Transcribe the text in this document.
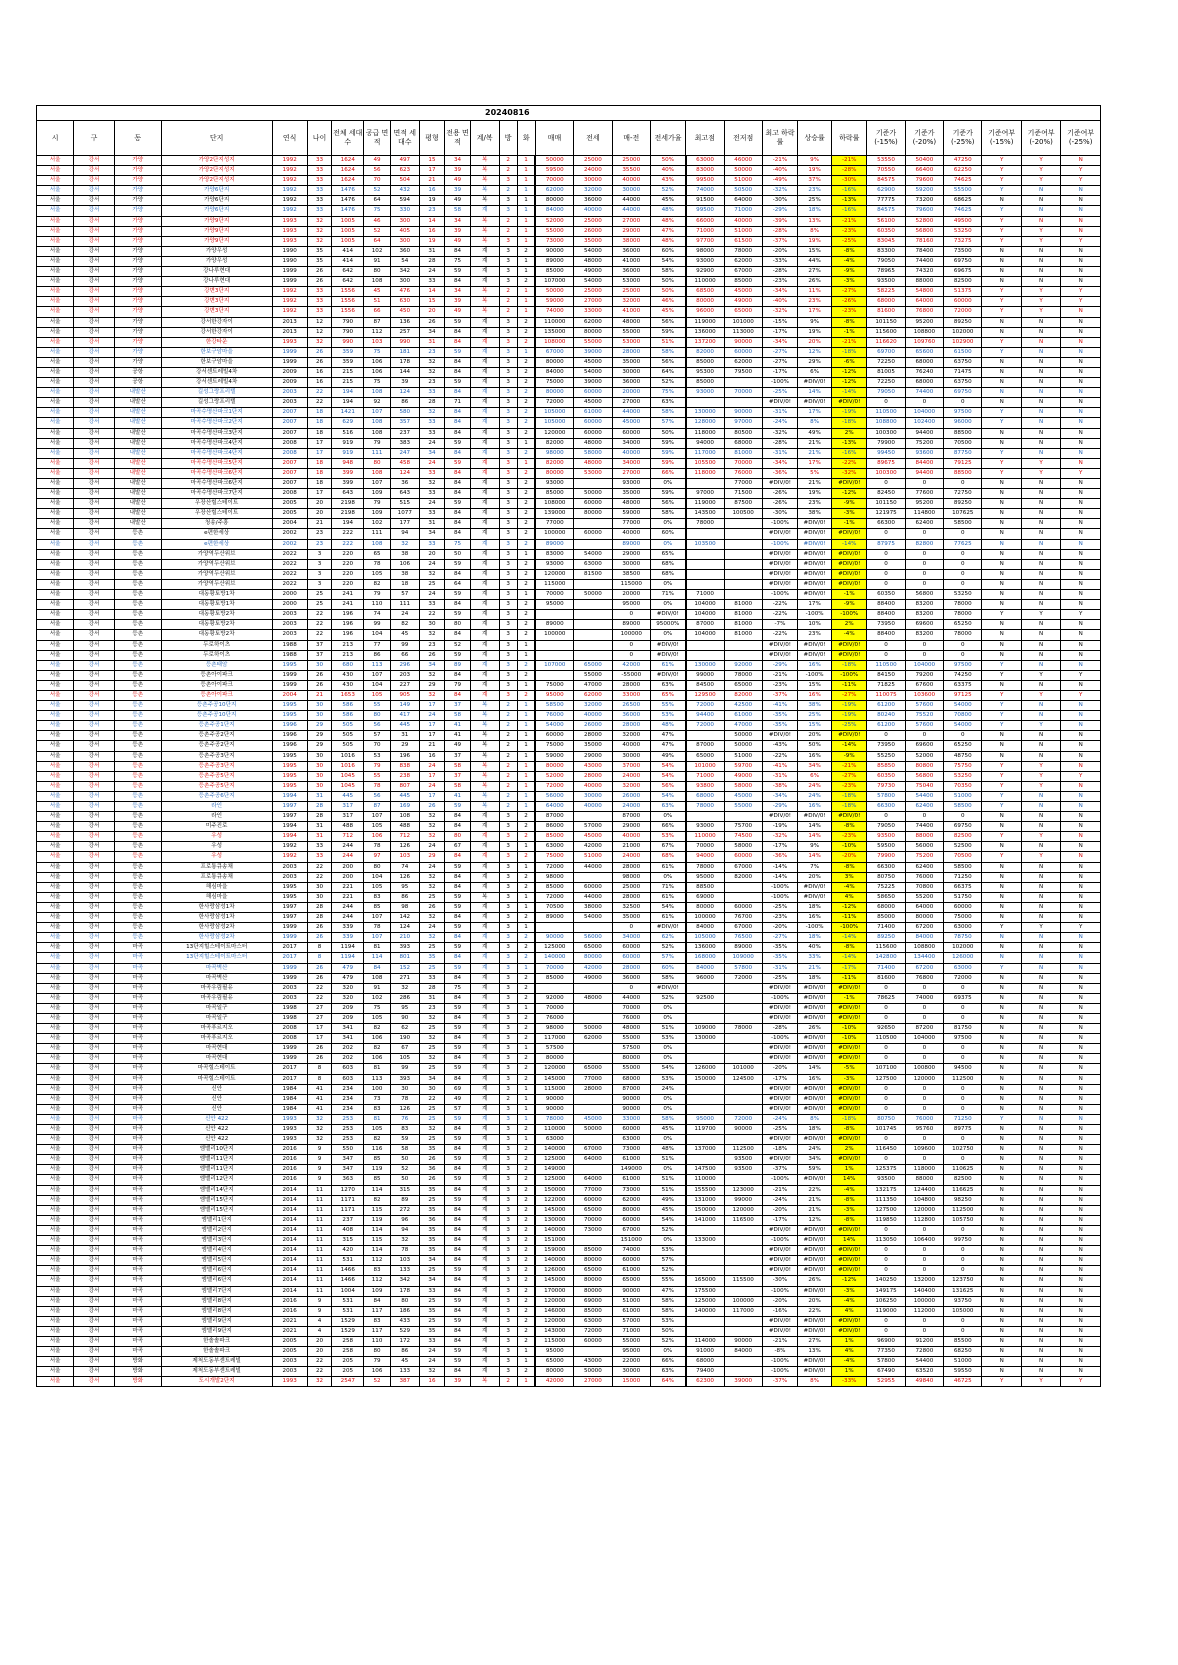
20240816
시	구	동	단지	연식	나이	전체 세대수	공급 면적	면적 세대수	평형	전용 면적	계/복	방	화	매매	전세	매-전	전세가율	최고점	전저점	최고 하락률	상승률	하락률	기준가(-15%)	기준가(-20%)	기준가(-25%)	기준여부(-15%)	기준여부(-20%)	기준여부(-25%)
서울	강서	가양	가양2단지성지	1992	33	1624	49	497	15	34	복	2	1	50000	25000	25000	50%	63000	46000	-21%	9%	-21%	53550	50400	47250	Y	Y	N
서울	강서	가양	가양2단지성지	1992	33	1624	56	623	17	39	복	2	1	59500	24000	35500	40%	83000	50000	-40%	19%	-28%	70550	66400	62250	Y	Y	Y
서울	강서	가양	가양2단지성지	1992	33	1624	70	504	21	49	복	3	1	70000	30000	40000	43%	99500	51000	-49%	37%	-30%	84575	79600	74625	Y	Y	Y
서울	강서	가양	가양6단지	1992	33	1476	52	432	16	39	복	2	1	62000	32000	30000	52%	74000	50500	-32%	23%	-16%	62900	59200	55500	Y	N	N
서울	강서	가양	가양6단지	1992	33	1476	64	594	19	49	복	3	1	80000	36000	44000	45%	91500	64000	-30%	25%	-13%	77775	73200	68625	N	N	N
서울	강서	가양	가양6단지	1992	33	1476	75	330	23	58	계	3	1	84000	40000	44000	48%	99500	71000	-29%	18%	-16%	84575	79600	74625	Y	N	N
서울	강서	가양	가양9단지	1993	32	1005	46	300	14	34	복	2	1	52000	25000	27000	48%	66000	40000	-39%	13%	-21%	56100	52800	49500	Y	N	N
서울	강서	가양	가양9단지	1993	32	1005	52	405	16	39	복	2	1	55000	26000	29000	47%	71000	51000	-28%	8%	-23%	60350	56800	53250	Y	Y	N
서울	강서	가양	가양9단지	1993	32	1005	64	300	19	49	복	3	1	73000	35000	38000	48%	97700	61500	-37%	19%	-25%	83045	78160	73275	Y	Y	Y
서울	강서	가양	가양우성	1990	35	414	102	360	31	84	계	3	2	90000	54000	36000	60%	98000	78000	-20%	15%	-8%	83300	78400	73500	N	N	N
서울	강서	가양	가양우성	1990	35	414	91	54	28	75	계	3	1	89000	48000	41000	54%	93000	62000	-33%	44%	-4%	79050	74400	69750	N	N	N
서울	강서	가양	강나루현대	1999	26	642	80	342	24	59	계	3	1	85000	49000	36000	58%	92900	67000	-28%	27%	-9%	78965	74320	69675	N	N	N
서울	강서	가양	강나루현대	1999	26	642	108	300	33	84	계	3	2	107000	54000	53000	50%	110000	85000	-23%	26%	-3%	93500	88000	82500	N	N	N
서울	강서	가양	강변3단지	1992	33	1556	45	476	14	34	복	2	1	50000	25000	25000	50%	68500	45000	-34%	11%	-27%	58225	54800	51375	Y	Y	Y
서울	강서	가양	강변3단지	1992	33	1556	51	630	15	39	복	2	1	59000	27000	32000	46%	80000	49000	-40%	23%	-26%	68000	64000	60000	Y	Y	Y
서울	강서	가양	강변3단지	1992	33	1556	66	450	20	49	복	2	1	74000	33000	41000	45%	96000	65000	-32%	17%	-23%	81600	76800	72000	Y	Y	N
서울	강서	가양	강서한강자이	2013	12	790	87	136	26	59	계	3	2	110000	62000	48000	56%	119000	101000	-15%	9%	-8%	101150	95200	89250	N	N	N
서울	강서	가양	강서한강자이	2013	12	790	112	257	34	84	계	3	2	135000	80000	55000	59%	136000	113000	-17%	19%	-1%	115600	108800	102000	N	N	N
서울	강서	가양	한강타운	1993	32	990	103	990	31	84	계	3	2	108000	55000	53000	51%	137200	90000	-34%	20%	-21%	116620	109760	102900	Y	N	N
서울	강서	가양	한보구암마을	1999	26	359	75	181	23	59	계	3	1	67000	39000	28000	58%	82000	60000	-27%	12%	-18%	69700	65600	61500	Y	N	N
서울	강서	가양	한보구암마을	1999	26	359	106	178	32	84	계	3	2	80000	45000	35000	56%	85000	62000	-27%	29%	-6%	72250	68000	63750	N	N	N
서울	강서	공항	강서센트레빌4차	2009	16	215	106	144	32	84	계	3	2	84000	54000	30000	64%	95300	79500	-17%	6%	-12%	81005	76240	71475	N	N	N
서울	강서	공항	강서센트레빌4차	2009	16	215	75	39	23	59	계	3	2	75000	39000	36000	52%	85000		-100%	#DIV/0!	-12%	72250	68000	63750	N	N	N
서울	강서	내발산	길성그랑프리텔	2003	22	194	108	124	33	84	계	3	2	80000	60000	20000	75%	93000	70000	-25%	14%	-14%	79050	74400	69750	N	N	N
서울	강서	내발산	길성그랑프리텔	2003	22	194	92	86	28	71	계	3	2	72000	45000	27000	63%			#DIV/0!	#DIV/0!	#DIV/0!	0	0	0	N	N	N
서울	강서	내발산	마곡수명산파크1단지	2007	18	1421	107	580	32	84	계	3	2	105000	61000	44000	58%	130000	90000	-31%	17%	-19%	110500	104000	97500	Y	N	N
서울	강서	내발산	마곡수명산파크2단지	2007	18	629	108	357	33	84	계	3	2	105000	60000	45000	57%	128000	97000	-24%	8%	-18%	108800	102400	96000	Y	N	N
서울	강서	내발산	마곡수명산파크3단지	2007	18	516	108	237	33	84	계	3	2	120000	60000	60000	50%	118000	80500	-32%	49%	2%	100300	94400	88500	N	N	N
서울	강서	내발산	마곡수명산파크4단지	2008	17	919	79	383	24	59	계	3	1	82000	48000	34000	59%	94000	68000	-28%	21%	-13%	79900	75200	70500	N	N	N
서울	강서	내발산	마곡수명산파크4단지	2008	17	919	111	247	34	84	계	3	2	98000	58000	40000	59%	117000	81000	-31%	21%	-16%	99450	93600	87750	Y	N	N
서울	강서	내발산	마곡수명산파크5단지	2007	18	948	80	458	24	59	계	3	1	82000	48000	34000	59%	105500	70000	-34%	17%	-22%	89675	84400	79125	Y	Y	N
서울	강서	내발산	마곡수명산파크6단지	2007	18	399	108	124	33	84	계	3	2	80000	53000	27000	66%	118000	76000	-36%	5%	-32%	100300	94400	88500	Y	Y	Y
서울	강서	내발산	마곡수명산파크6단지	2007	18	399	107	36	32	84	계	3	2	93000		93000	0%		77000	#DIV/0!	21%	#DIV/0!	0	0	0	N	N	N
서울	강서	내발산	마곡수명산파크7단지	2008	17	643	109	643	33	84	계	3	2	85000	50000	35000	59%	97000	71500	-26%	19%	-12%	82450	77600	72750	N	N	N
서울	강서	내발산	우장산힐스테이트	2005	20	2198	79	515	24	59	계	3	2	108000	60000	48000	56%	119000	87500	-26%	23%	-9%	101150	95200	89250	N	N	N
서울	강서	내발산	우장산힐스테이트	2005	20	2198	109	1077	33	84	계	3	2	139000	80000	59000	58%	143500	100500	-30%	38%	-3%	121975	114800	107625	N	N	N
서울	강서	내발산	청송/주흥	2004	21	194	102	177	31	84	계	3	2	77000		77000	0%	78000		-100%	#DIV/0!	-1%	66300	62400	58500	N	N	N
서울	강서	등촌	e편한세상	2002	23	222	111	94	34	84	계	3	2	100000	60000	40000	60%			#DIV/0!	#DIV/0!	#DIV/0!	0	0	0	N	N	N
서울	강서	등촌	e편한세상	2002	23	222	108	32	33	75	계	3	2	89000		89000	0%	103500		-100%	#DIV/0!	-14%	87975	82800	77625	N	N	N
서울	강서	등촌	가양역두산위브	2022	3	220	65	38	20	50	계	3	1	83000	54000	29000	65%			#DIV/0!	#DIV/0!	#DIV/0!	0	0	0	N	N	N
서울	강서	등촌	가양역두산위브	2022	3	220	78	106	24	59	계	3	2	93000	63000	30000	68%			#DIV/0!	#DIV/0!	#DIV/0!	0	0	0	N	N	N
서울	강서	등촌	가양역두산위브	2022	3	220	105	38	32	84	계	3	2	120000	81500	38500	68%			#DIV/0!	#DIV/0!	#DIV/0!	0	0	0	N	N	N
서울	강서	등촌	가양역두산위브	2022	3	220	82	18	25	64	계	3	2	115000		115000	0%			#DIV/0!	#DIV/0!	#DIV/0!	0	0	0	N	N	N
서울	강서	등촌	대동황토방1차	2000	25	241	79	57	24	59	계	3	1	70000	50000	20000	71%	71000		-100%	#DIV/0!	-1%	60350	56800	53250	N	N	N
서울	강서	등촌	대동황토방1차	2000	25	241	110	111	33	84	계	3	2	95000		95000	0%	104000	81000	-22%	17%	-9%	88400	83200	78000	N	N	N
서울	강서	등촌	대동황토방2차	2003	22	196	74	24	22	59	계	3	2			0	#DIV/0!	104000	81000	-22%	-100%	-100%	88400	83200	78000	Y	Y	Y
서울	강서	등촌	대동황토방2차	2003	22	196	99	82	30	80	계	3	2	89000		89000	95000%	87000	81000	-7%	10%	2%	73950	69600	65250	N	N	N
서울	강서	등촌	대동황토방2차	2003	22	196	104	45	32	84	계	3	2	100000		100000	0%	104000	81000	-22%	23%	-4%	88400	83200	78000	N	N	N
서울	강서	등촌	두로하이츠	1988	37	213	77	99	23	52	계	3	1			0	#DIV/0!			#DIV/0!	#DIV/0!	#DIV/0!	0	0	0	N	N	N
서울	강서	등촌	두로하이츠	1988	37	213	86	66	26	59	계	3	1			0	#DIV/0!			#DIV/0!	#DIV/0!	#DIV/0!	0	0	0	N	N	N
서울	강서	등촌	등촌태암	1995	30	680	113	296	34	89	계	3	2	107000	65000	42000	61%	130000	92000	-29%	16%	-18%	110500	104000	97500	Y	N	N
서울	강서	등촌	등촌아이파크	1999	26	430	107	203	32	84	계	3	2		55000	-55000	#DIV/0!	99000	78000	-21%	-100%	-100%	84150	79200	74250	Y	Y	Y
서울	강서	등촌	등촌아이파크	1999	26	430	104	227	29	79	계	3	1	75000	47000	28000	63%	84500	65000	-23%	15%	-11%	71825	67600	63375	N	N	N
서울	강서	등촌	등촌아이파크	2004	21	1653	105	905	32	84	계	3	2	95000	62000	33000	65%	129500	82000	-37%	16%	-27%	110075	103600	97125	Y	Y	Y
서울	강서	등촌	등촌주공10단지	1995	30	586	55	149	17	37	복	2	1	58500	32000	26500	55%	72000	42500	-41%	38%	-19%	61200	57600	54000	Y	N	N
서울	강서	등촌	등촌주공10단지	1995	30	586	80	417	24	58	복	2	1	76000	40000	36000	53%	94400	61000	-35%	25%	-19%	80240	75520	70800	Y	N	N
서울	강서	등촌	등촌주공1단지	1996	29	505	56	445	17	41	복	2	1	54000	26000	28000	48%	72000	47000	-35%	15%	-25%	61200	57600	54000	Y	Y	N
서울	강서	등촌	등촌주공2단지	1996	29	505	57	31	17	41	복	2	1	60000	28000	32000	47%		50000	#DIV/0!	20%	#DIV/0!	0	0	0	N	N	N
서울	강서	등촌	등촌주공2단지	1996	29	505	70	29	21	49	복	2	1	75000	35000	40000	47%	87000	50000	-43%	50%	-14%	73950	69600	65250	N	N	N
서울	강서	등촌	등촌주공3단지	1995	30	1016	53	196	16	37	복	2	1	59000	29000	30000	49%	65000	51000	-22%	16%	-9%	55250	52000	48750	N	N	N
서울	강서	등촌	등촌주공3단지	1995	30	1016	79	838	24	58	복	2	1	80000	43000	37000	54%	101000	59700	-41%	34%	-21%	85850	80800	75750	Y	Y	N
서울	강서	등촌	등촌주공5단지	1995	30	1045	55	238	17	37	복	2	1	52000	28000	24000	54%	71000	49000	-31%	6%	-27%	60350	56800	53250	Y	Y	Y
서울	강서	등촌	등촌주공5단지	1995	30	1045	78	807	24	58	복	2	1	72000	40000	32000	56%	93800	58000	-38%	24%	-23%	79730	75040	70350	Y	Y	N
서울	강서	등촌	등촌주공6단지	1994	31	445	56	445	17	41	복	2	1	56000	30000	26000	54%	68000	45000	-34%	24%	-18%	57800	54400	51000	Y	N	N
서울	강서	등촌	라인	1997	28	317	87	169	26	59	복	2	1	64000	40000	24000	63%	78000	55000	-29%	16%	-18%	66300	62400	58500	Y	N	N
서울	강서	등촌	라인	1997	28	317	107	108	32	84	계	3	2	87000		87000	0%			#DIV/0!	#DIV/0!	#DIV/0!	0	0	0	N	N	N
서울	강서	등촌	미주진로	1994	31	488	105	488	32	84	계	3	2	86000	57000	29000	66%	93000	75700	-19%	14%	-8%	79050	74400	69750	N	N	N
서울	강서	등촌	우성	1994	31	712	106	712	32	80	계	3	2	85000	45000	40000	53%	110000	74500	-32%	14%	-23%	93500	88000	82500	Y	Y	N
서울	강서	등촌	우성	1992	33	244	78	126	24	67	계	3	1	63000	42000	21000	67%	70000	58000	-17%	9%	-10%	59500	56000	52500	N	N	N
서울	강서	등촌	우성	1992	33	244	97	103	29	84	계	3	2	75000	51000	24000	68%	94000	60000	-36%	14%	-20%	79900	75200	70500	Y	Y	N
서울	강서	등촌	프로통큐송채	2003	22	200	80	74	24	59	계	3	1	72000	44000	28000	61%	78000	67000	-14%	7%	-8%	66300	62400	58500	N	N	N
서울	강서	등촌	프로통큐송채	2003	22	200	104	126	32	84	계	3	2	98000		98000	0%	95000	82000	-14%	20%	3%	80750	76000	71250	N	N	N
서울	강서	등촌	해심마을	1995	30	221	105	95	32	84	계	3	2	85000	60000	25000	71%	88500		-100%	#DIV/0!	-4%	75225	70800	66375	N	N	N
서울	강서	등촌	해심마을	1995	30	221	83	86	25	59	복	3	1	72000	44000	28000	61%	69000		-100%	#DIV/0!	4%	58650	55200	51750	N	N	N
서울	강서	등촌	한사랑삼성1차	1997	28	244	85	98	26	59	계	3	1	70500	38000	32500	54%	80000	60000	-25%	18%	-12%	68000	64000	60000	N	N	N
서울	강서	등촌	한사랑삼성1차	1997	28	244	107	142	32	84	계	3	2	89000	54000	35000	61%	100000	76700	-23%	16%	-11%	85000	80000	75000	N	N	N
서울	강서	등촌	한사랑삼성2차	1999	26	339	78	124	24	59	계	3	1			0	#DIV/0!	84000	67000	-20%	-100%	-100%	71400	67200	63000	Y	Y	Y
서울	강서	등촌	한사랑삼성2차	1999	26	339	107	210	32	84	계	3	2	90000	56000	34000	62%	105000	76500	-27%	18%	-14%	89250	84000	78750	N	N	N
서울	강서	마곡	13단지힐스테이트마스터	2017	8	1194	81	393	25	59	계	3	2	125000	65000	60000	52%	136000	89000	-35%	40%	-8%	115600	108800	102000	N	N	N
서울	강서	마곡	13단지힐스테이트마스터	2017	8	1194	114	801	35	84	계	3	2	140000	80000	60000	57%	168000	109000	-35%	33%	-14%	142800	134400	126000	N	N	N
서울	강서	마곡	마곡벽산	1999	26	479	84	152	25	59	계	3	1	70000	42000	28000	60%	84000	57800	-31%	21%	-17%	71400	67200	63000	Y	N	N
서울	강서	마곡	마곡벽산	1999	26	479	108	271	33	84	계	3	2	85000	49000	36000	58%	96000	72000	-25%	18%	-11%	81600	76800	72000	N	N	N
서울	강서	마곡	마곡우림필유	2003	22	320	91	32	28	75	계	3	2			0	#DIV/0!			#DIV/0!	#DIV/0!	#DIV/0!	0	0	0	N	N	N
서울	강서	마곡	마곡우림필유	2003	22	320	102	286	31	84	계	3	2	92000	48000	44000	52%	92500		-100%	#DIV/0!	-1%	78625	74000	69375	N	N	N
서울	강서	마곡	마곡일구	1998	27	209	75	95	23	59	계	3	1	70000		70000	0%			#DIV/0!	#DIV/0!	#DIV/0!	0	0	0	N	N	N
서울	강서	마곡	마곡일구	1998	27	209	105	90	32	84	계	3	2	76000		76000	0%			#DIV/0!	#DIV/0!	#DIV/0!	0	0	0	N	N	N
서울	강서	마곡	마곡푸르지오	2008	17	341	82	62	25	59	계	3	2	98000	50000	48000	51%	109000	78000	-28%	26%	-10%	92650	87200	81750	N	N	N
서울	강서	마곡	마곡푸르지오	2008	17	341	106	190	32	84	계	3	2	117000	62000	55000	53%	130000		-100%	#DIV/0!	-10%	110500	104000	97500	N	N	N
서울	강서	마곡	마곡현대	1999	26	202	82	67	25	59	계	3	1	57500		57500	0%			#DIV/0!	#DIV/0!	#DIV/0!	0	0	0	N	N	N
서울	강서	마곡	마곡현대	1999	26	202	106	105	32	84	계	3	2	80000		80000	0%			#DIV/0!	#DIV/0!	#DIV/0!	0	0	0	N	N	N
서울	강서	마곡	마곡힐스테이트	2017	8	603	81	99	25	59	계	3	2	120000	65000	55000	54%	126000	101000	-20%	14%	-5%	107100	100800	94500	N	N	N
서울	강서	마곡	마곡힐스테이트	2017	8	603	113	393	34	84	계	3	2	145000	77000	68000	53%	150000	124500	-17%	16%	-3%	127500	120000	112500	N	N	N
서울	강서	마곡	신안	1984	41	234	100	30	30	69	계	3	1	115000	28000	87000	24%			#DIV/0!	#DIV/0!	#DIV/0!	0	0	0	N	N	N
서울	강서	마곡	신안	1984	41	234	73	78	22	49	계	2	1	90000		90000	0%			#DIV/0!	#DIV/0!	#DIV/0!	0	0	0	N	N	N
서울	강서	마곡	신안	1984	41	234	83	126	25	57	계	3	1	90000		90000	0%			#DIV/0!	#DIV/0!	#DIV/0!	0	0	0	N	N	N
서울	강서	마곡	신안 422	1993	32	253	81	76	25	59	계	3	1	78000	45000	33000	58%	95000	72000	-24%	8%	-18%	80750	76000	71250	Y	N	N
서울	강서	마곡	신안 422	1993	32	253	105	83	32	84	계	3	2	110000	50000	60000	45%	119700	90000	-25%	18%	-8%	101745	95760	89775	N	N	N
서울	강서	마곡	신안 422	1993	32	253	82	59	25	59	계	3	1	63000		63000	0%			#DIV/0!	#DIV/0!	#DIV/0!	0	0	0	N	N	N
서울	강서	마곡	엠밸리10단지	2016	9	550	116	58	35	84	계	3	2	140000	67000	73000	48%	137000	112500	-18%	24%	2%	116450	109600	102750	N	N	N
서울	강서	마곡	엠밸리11단지	2016	9	347	85	50	26	59	계	3	2	125000	64000	61000	51%		93500	#DIV/0!	34%	#DIV/0!	0	0	0	N	N	N
서울	강서	마곡	엠밸리11단지	2016	9	347	119	52	36	84	계	3	2	149000		149000	0%	147500	93500	-37%	59%	1%	125375	118000	110625	N	N	N
서울	강서	마곡	엠밸리12단지	2016	9	363	85	50	26	59	계	3	2	125000	64000	61000	51%	110000		-100%	#DIV/0!	14%	93500	88000	82500	N	N	N
서울	강서	마곡	엠밸리14단지	2014	11	1270	114	315	35	84	계	3	2	150000	77000	73000	51%	155500	123000	-21%	22%	-4%	132175	124400	116625	N	N	N
서울	강서	마곡	엠밸리15단지	2014	11	1171	82	89	25	59	계	3	2	122000	60000	62000	49%	131000	99000	-24%	21%	-8%	111350	104800	98250	N	N	N
서울	강서	마곡	엠밸리15단지	2014	11	1171	115	272	35	84	계	3	2	145000	65000	80000	45%	150000	120000	-20%	21%	-3%	127500	120000	112500	N	N	N
서울	강서	마곡	엠밸리1단지	2014	11	237	119	96	36	84	계	3	2	130000	70000	60000	54%	141000	116500	-17%	12%	-8%	119850	112800	105750	N	N	N
서울	강서	마곡	엠밸리2단지	2014	11	408	114	94	35	84	계	3	2	140000	73000	67000	52%			#DIV/0!	#DIV/0!	#DIV/0!	0	0	0	N	N	N
서울	강서	마곡	엠밸리3단지	2014	11	315	115	32	35	84	계	3	2	151000		151000	0%	133000		-100%	#DIV/0!	14%	113050	106400	99750	N	N	N
서울	강서	마곡	엠밸리4단지	2014	11	420	114	78	35	84	계	3	2	159000	85000	74000	53%			#DIV/0!	#DIV/0!	#DIV/0!	0	0	0	N	N	N
서울	강서	마곡	엠밸리5단지	2014	11	531	112	103	34	84	계	3	2	140000	80000	60000	57%			#DIV/0!	#DIV/0!	#DIV/0!	0	0	0	N	N	N
서울	강서	마곡	엠밸리6단지	2014	11	1466	83	133	25	59	계	3	2	126000	65000	61000	52%			#DIV/0!	#DIV/0!	#DIV/0!	0	0	0	N	N	N
서울	강서	마곡	엠밸리6단지	2014	11	1466	112	342	34	84	계	3	2	145000	80000	65000	55%	165000	115500	-30%	26%	-12%	140250	132000	123750	N	N	N
서울	강서	마곡	엠밸리7단지	2014	11	1004	109	178	33	84	계	3	2	170000	80000	90000	47%	175500		-100%	#DIV/0!	-3%	149175	140400	131625	N	N	N
서울	강서	마곡	엠밸리8단지	2016	9	531	84	80	25	59	계	3	2	120000	69000	51000	58%	125000	100000	-20%	20%	-4%	106250	100000	93750	N	N	N
서울	강서	마곡	엠밸리8단지	2016	9	531	117	186	35	84	계	3	2	146000	85000	61000	58%	140000	117000	-16%	22%	4%	119000	112000	105000	N	N	N
서울	강서	마곡	엠밸리9단지	2021	4	1529	83	433	25	59	계	3	2	120000	63000	57000	53%			#DIV/0!	#DIV/0!	#DIV/0!	0	0	0	N	N	N
서울	강서	마곡	엠밸리9단지	2021	4	1529	117	529	35	84	계	3	2	143000	72000	71000	50%			#DIV/0!	#DIV/0!	#DIV/0!	0	0	0	N	N	N
서울	강서	마곡	한솔솔파크	2005	20	258	110	172	33	84	계	3	2	115000	60000	55000	52%	114000	90000	-21%	27%	1%	96900	91200	85500	N	N	N
서울	강서	마곡	한솔솔파크	2005	20	258	80	86	24	59	계	3	1	95000		95000	0%	91000	84000	-8%	13%	4%	77350	72800	68250	N	N	N
서울	강서	방화	제척도동부센트레빌	2003	22	205	79	45	24	59	계	3	1	65000	43000	22000	66%	68000		-100%	#DIV/0!	-4%	57800	54400	51000	N	N	N
서울	강서	방화	제척도동부센트레빌	2003	22	205	106	133	32	84	계	3	2	80000	50000	30000	63%	79400		-100%	#DIV/0!	1%	67490	63520	59550	N	N	N
서울	강서	방화	도시개발2단지	1993	32	2547	52	387	16	39	복	2	1	42000	27000	15000	64%	62300	39000	-37%	8%	-33%	52955	49840	46725	Y	Y	Y
